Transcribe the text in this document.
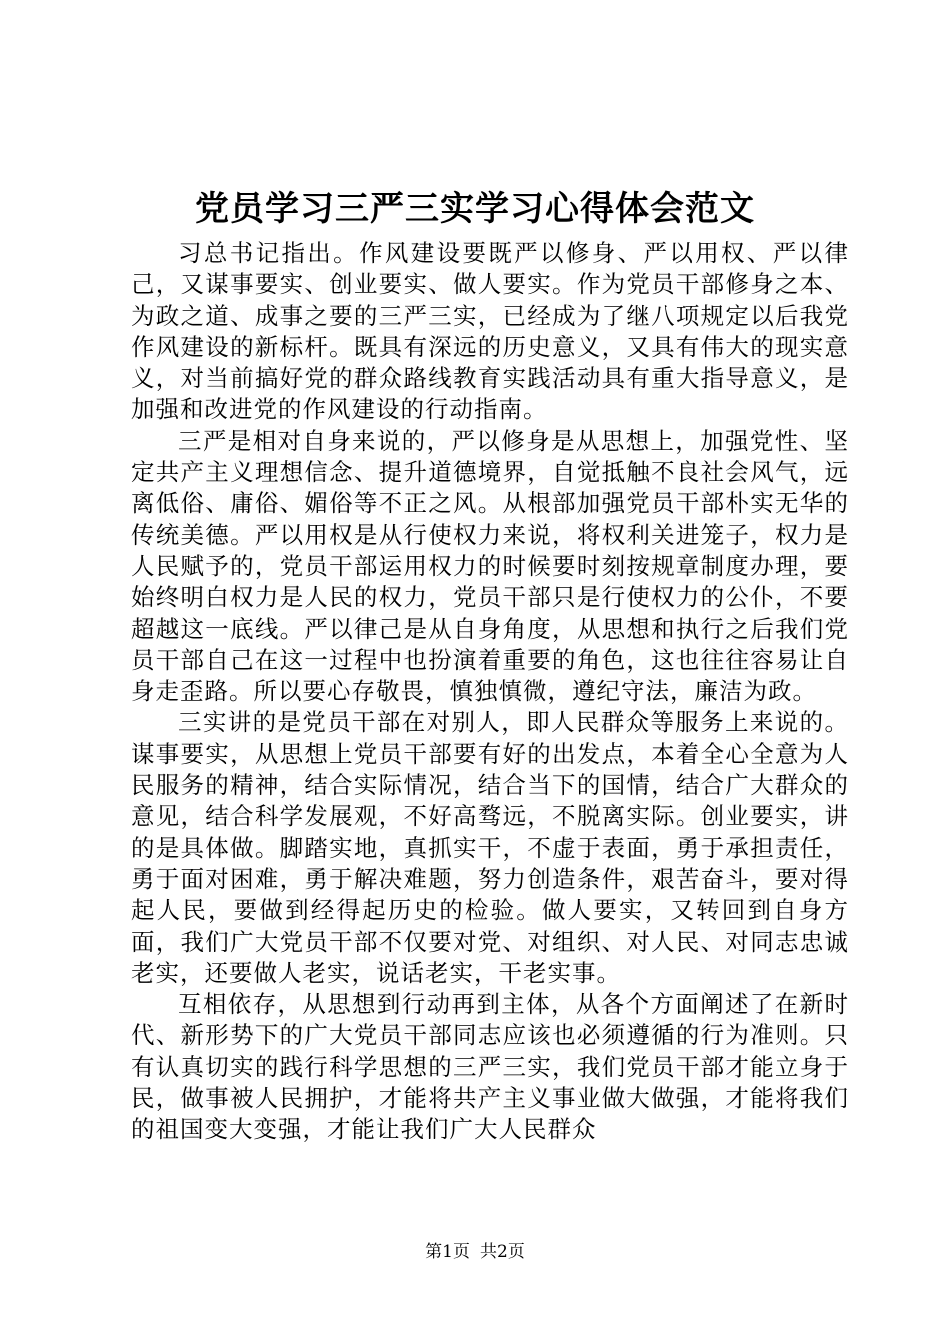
党员学习三严三实学习心得体会范文

习总书记指出。作风建设要既严以修身、严以用权、严以律己，又谋事要实、创业要实、做人要实。作为党员干部修身之本、为政之道、成事之要的三严三实，已经成为了继八项规定以后我党作风建设的新标杆。既具有深远的历史意义，又具有伟大的现实意义，对当前搞好党的群众路线教育实践活动具有重大指导意义，是加强和改进党的作风建设的行动指南。

三严是相对自身来说的，严以修身是从思想上，加强党性、坚定共产主义理想信念、提升道德境界，自觉抵触不良社会风气，远离低俗、庸俗、媚俗等不正之风。从根部加强党员干部朴实无华的传统美德。严以用权是从行使权力来说，将权利关进笼子，权力是人民赋予的，党员干部运用权力的时候要时刻按规章制度办理，要始终明白权力是人民的权力，党员干部只是行使权力的公仆，不要超越这一底线。严以律己是从自身角度，从思想和执行之后我们党员干部自己在这一过程中也扮演着重要的角色，这也往往容易让自身走歪路。所以要心存敬畏，慎独慎微，遵纪守法，廉洁为政。

三实讲的是党员干部在对别人，即人民群众等服务上来说的。谋事要实，从思想上党员干部要有好的出发点，本着全心全意为人民服务的精神，结合实际情况，结合当下的国情，结合广大群众的意见，结合科学发展观，不好高骛远，不脱离实际。创业要实，讲的是具体做。脚踏实地，真抓实干，不虚于表面，勇于承担责任，勇于面对困难，勇于解决难题，努力创造条件，艰苦奋斗，要对得起人民，要做到经得起历史的检验。做人要实，又转回到自身方面，我们广大党员干部不仅要对党、对组织、对人民、对同志忠诚老实，还要做人老实，说话老实，干老实事。

互相依存，从思想到行动再到主体，从各个方面阐述了在新时代、新形势下的广大党员干部同志应该也必须遵循的行为准则。只有认真切实的践行科学思想的三严三实，我们党员干部才能立身于民，做事被人民拥护，才能将共产主义事业做大做强，才能将我们的祖国变大变强，才能让我们广大人民群众

第1页 共2页
